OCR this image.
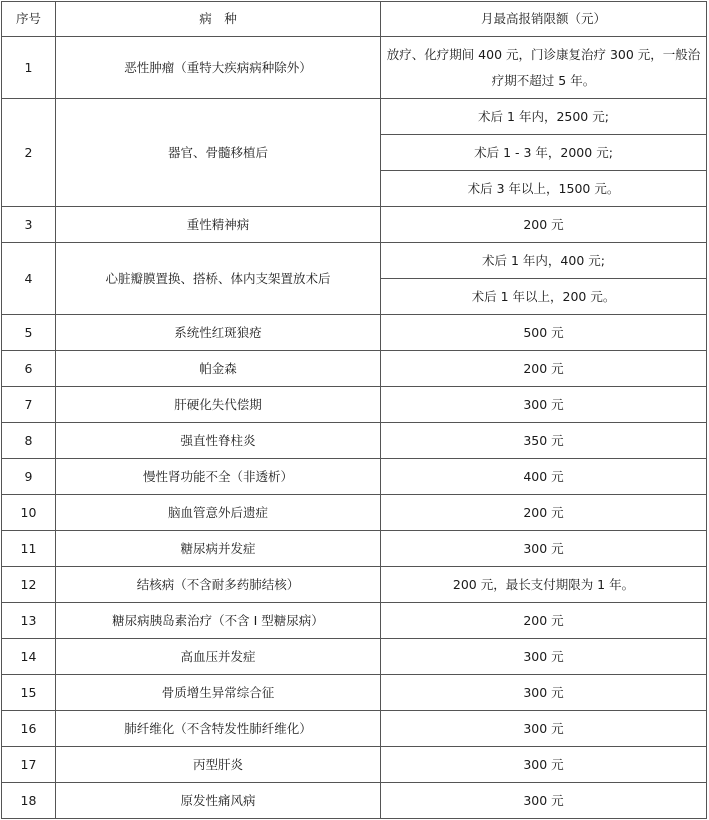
序号	病　种	月最高报销限额（元）
1	恶性肿瘤（重特大疾病病种除外）	放疗、化疗期间 400 元，门诊康复治疗 300 元，一般治疗期不超过 5 年。
2	器官、骨髓移植后	术后 1 年内，2500 元;
		术后 1 - 3 年，2000 元;
		术后 3 年以上，1500 元。
3	重性精神病	200 元
4	心脏瓣膜置换、搭桥、体内支架置放术后	术后 1 年内，400 元;
		术后 1 年以上，200 元。
5	系统性红斑狼疮	500 元
6	帕金森	200 元
7	肝硬化失代偿期	300 元
8	强直性脊柱炎	350 元
9	慢性肾功能不全（非透析）	400 元
10	脑血管意外后遗症	200 元
11	糖尿病并发症	300 元
12	结核病（不含耐多药肺结核）	200 元，最长支付期限为 1 年。
13	糖尿病胰岛素治疗（不含 I 型糖尿病）	200 元
14	高血压并发症	300 元
15	骨质增生异常综合征	300 元
16	肺纤维化（不含特发性肺纤维化）	300 元
17	丙型肝炎	300 元
18	原发性痛风病	300 元
